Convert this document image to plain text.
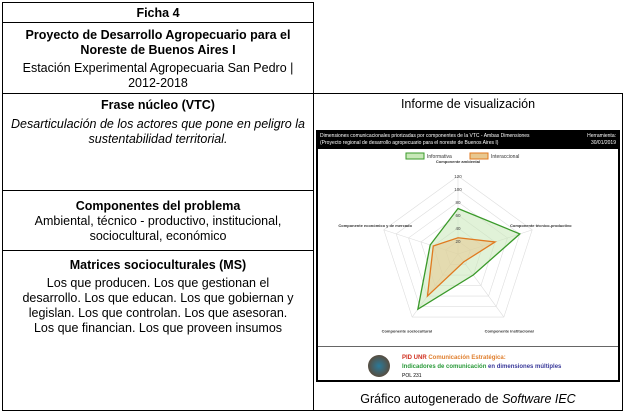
Ficha 4
Proyecto de Desarrollo Agropecuario para el Noreste de Buenos Aires I
Estación Experimental Agropecuaria San Pedro | 2012-2018
Frase núcleo (VTC)
Desarticulación de los actores que pone en peligro la sustentabilidad territorial.
Componentes del problema
Ambiental, técnico - productivo, institucional, sociocultural, económico
Matrices socioculturales (MS)
Los que producen. Los que gestionan el desarrollo. Los que educan. Los que gobiernan y legislan. Los que controlan. Los que asesoran. Los que financian. Los que proveen insumos
Informe de visualización
Gráfico autogenerado de Software IEC
Dimensiones comunicacionales priorizadas por componentes de la VTC - Ambas Dimensiones
(Proyecto regional de desarrollo agropecuario para el noreste de Buenos Aires I)
Herramienta:
30/01/2019
Componente ambiental
Componente técnico-productivo
Componente institucional
Componente sociocultural
Componente económico y de mercado
20
40
60
80
100
120
Informativa	Interaccional
PID UNR Comunicación Estratégica:
Indicadores de comunicación en dimensiones múltiples
POL 231
